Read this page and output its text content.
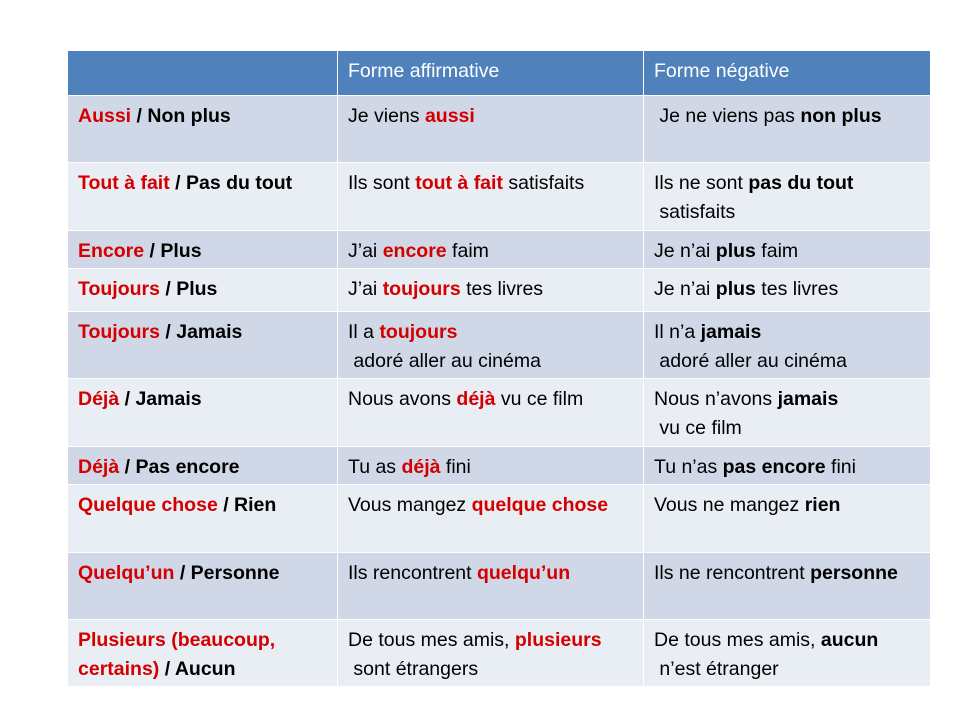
	Forme affirmative	Forme négative
Aussi / Non plus	Je viens aussi	Je ne viens pas non plus
Tout à fait / Pas du tout	Ils sont tout à fait satisfaits	Ils ne sont pas du tout satisfaits
Encore / Plus	J’ai encore faim	Je n’ai plus faim
Toujours / Plus	J’ai toujours tes livres	Je n’ai plus tes livres
Toujours / Jamais	Il a toujours adoré aller au cinéma	Il n’a jamais adoré aller au cinéma
Déjà / Jamais	Nous avons déjà vu ce film	Nous n’avons jamais vu ce film
Déjà / Pas encore	Tu as déjà fini	Tu n’as pas encore fini
Quelque chose / Rien	Vous mangez quelque chose	Vous ne mangez rien
Quelqu’un / Personne	Ils rencontrent quelqu’un	Ils ne rencontrent personne
Plusieurs (beaucoup, certains) / Aucun	De tous mes amis, plusieurs sont étrangers	De tous mes amis, aucun n’est étranger
